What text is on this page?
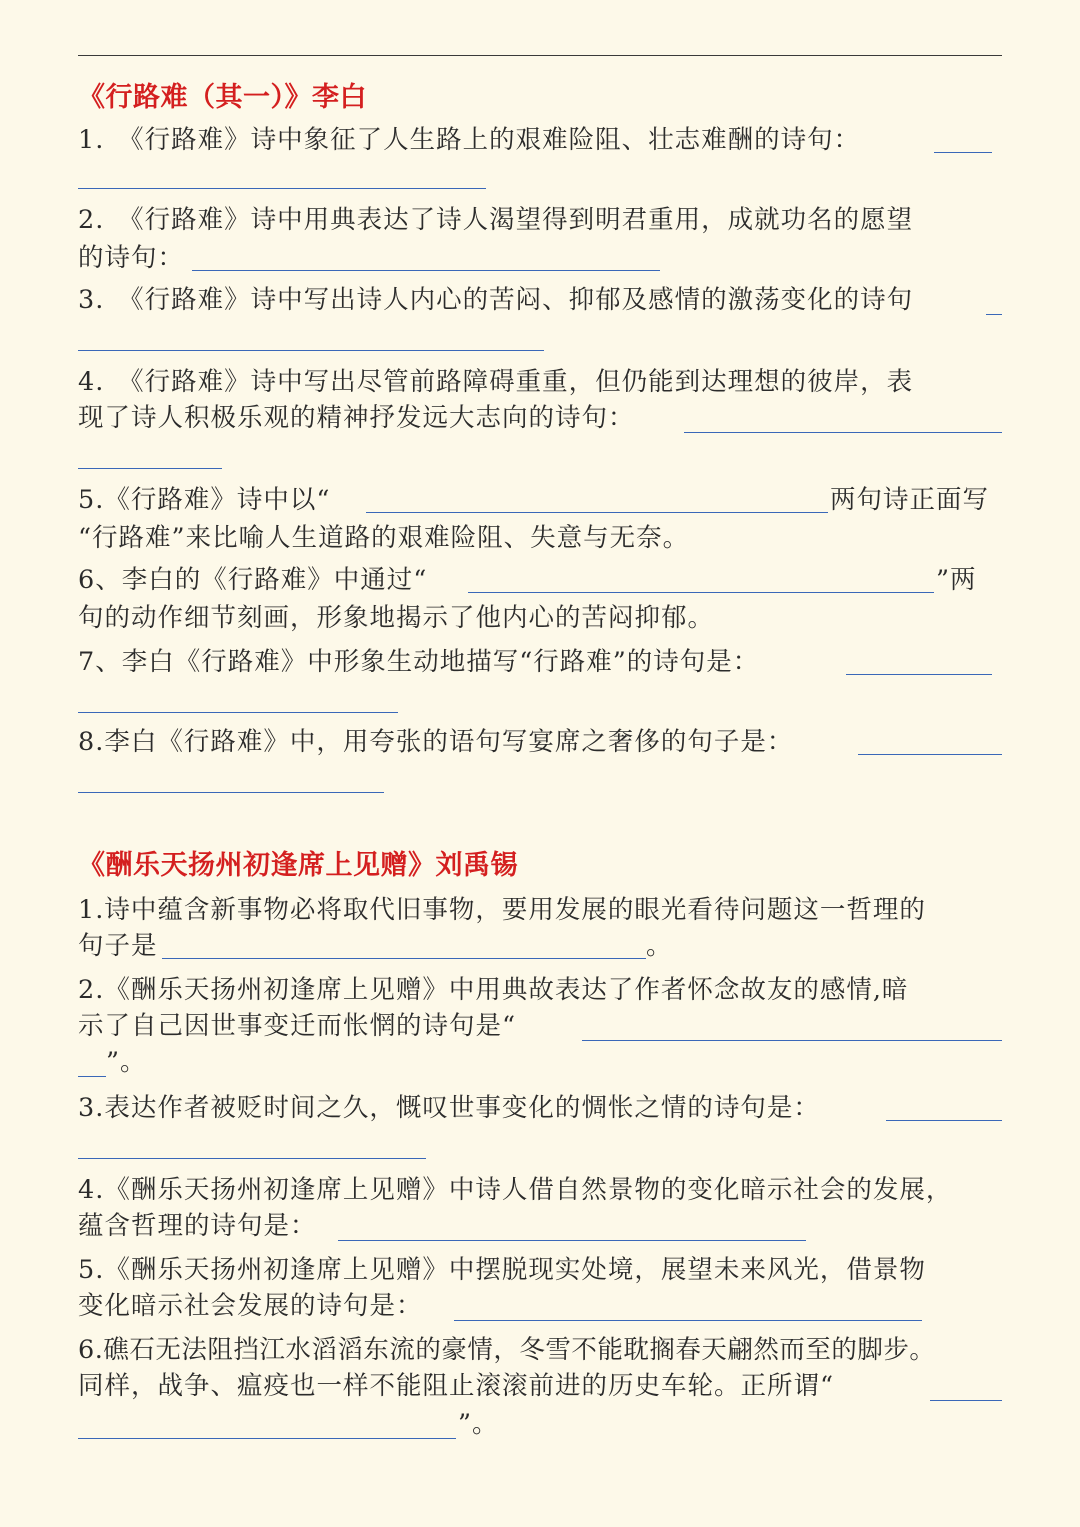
《行路难（其一）》李白
1.　《行路难》诗中象征了人生路上的艰难险阻、壮志难酬的诗句：
2.　《行路难》诗中用典表达了诗人渴望得到明君重用，成就功名的愿望
的诗句：
3.　《行路难》诗中写出诗人内心的苦闷、抑郁及感情的激荡变化的诗句
4.　《行路难》诗中写出尽管前路障碍重重，但仍能到达理想的彼岸，表
现了诗人积极乐观的精神抒发远大志向的诗句：
5.《行路难》诗中以“	两句诗正面写
“行路难”来比喻人生道路的艰难险阻、失意与无奈。
6、李白的《行路难》中通过“	”两
句的动作细节刻画，形象地揭示了他内心的苦闷抑郁。
7、李白《行路难》中形象生动地描写“行路难”的诗句是：
8.李白《行路难》中，用夸张的语句写宴席之奢侈的句子是：
《酬乐天扬州初逢席上见赠》刘禹锡
1.诗中蕴含新事物必将取代旧事物，要用发展的眼光看待问题这一哲理的
句子是	。
2.《酬乐天扬州初逢席上见赠》中用典故表达了作者怀念故友的感情,暗
示了自己因世事变迁而怅惘的诗句是“
”。
3.表达作者被贬时间之久，慨叹世事变化的惆怅之情的诗句是：
4.《酬乐天扬州初逢席上见赠》中诗人借自然景物的变化暗示社会的发展，
蕴含哲理的诗句是：
5.《酬乐天扬州初逢席上见赠》中摆脱现实处境，展望未来风光，借景物
变化暗示社会发展的诗句是：
6.礁石无法阻挡江水滔滔东流的豪情，冬雪不能耽搁春天翩然而至的脚步。
同样，战争、瘟疫也一样不能阻止滚滚前进的历史车轮。正所谓“
”。
